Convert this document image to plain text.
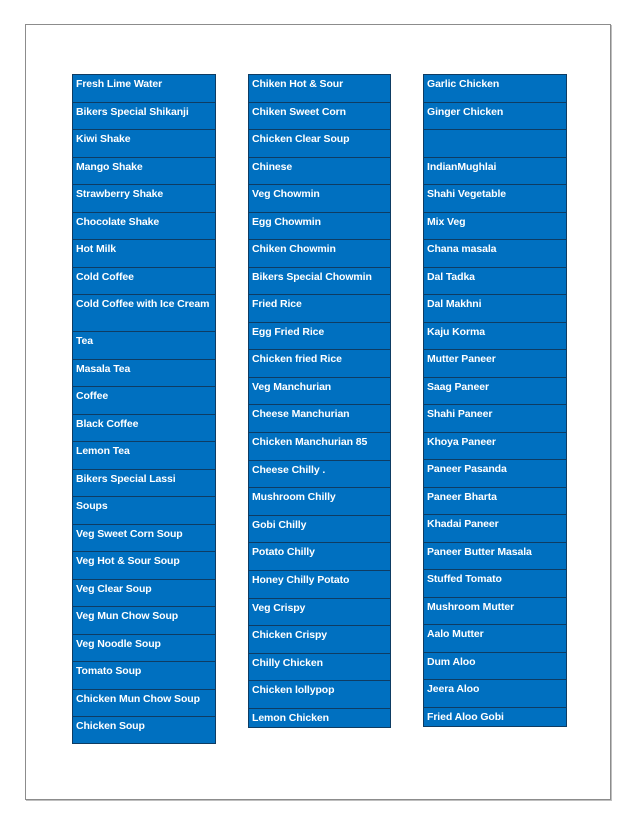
Fresh Lime Water
Bikers Special Shikanji
Kiwi Shake
Mango Shake
Strawberry Shake
Chocolate Shake
Hot Milk
Cold Coffee
Cold Coffee with Ice Cream
Tea
Masala Tea
Coffee
Black Coffee
Lemon Tea
Bikers Special Lassi
Soups
Veg Sweet Corn Soup
Veg Hot & Sour Soup
Veg Clear Soup
Veg Mun Chow Soup
Veg Noodle Soup
Tomato Soup
Chicken Mun Chow Soup
Chicken Soup
Chiken Hot & Sour
Chiken Sweet Corn
Chicken Clear Soup
Chinese
Veg Chowmin
Egg Chowmin
Chiken Chowmin
Bikers Special Chowmin
Fried Rice
Egg Fried Rice
Chicken fried Rice
Veg Manchurian
Cheese Manchurian
Chicken Manchurian 85
Cheese Chilly .
Mushroom Chilly
Gobi Chilly
Potato Chilly
Honey Chilly Potato
Veg Crispy
Chicken Crispy
Chilly Chicken
Chicken lollypop
Lemon Chicken
Garlic Chicken
Ginger Chicken
IndianMughlai
Shahi Vegetable
Mix Veg
Chana masala
Dal Tadka
Dal Makhni
Kaju Korma
Mutter Paneer
Saag Paneer
Shahi Paneer
Khoya Paneer
Paneer Pasanda
Paneer Bharta
Khadai Paneer
Paneer Butter Masala
Stuffed Tomato
Mushroom Mutter
Aalo Mutter
Dum Aloo
Jeera Aloo
Fried Aloo Gobi
